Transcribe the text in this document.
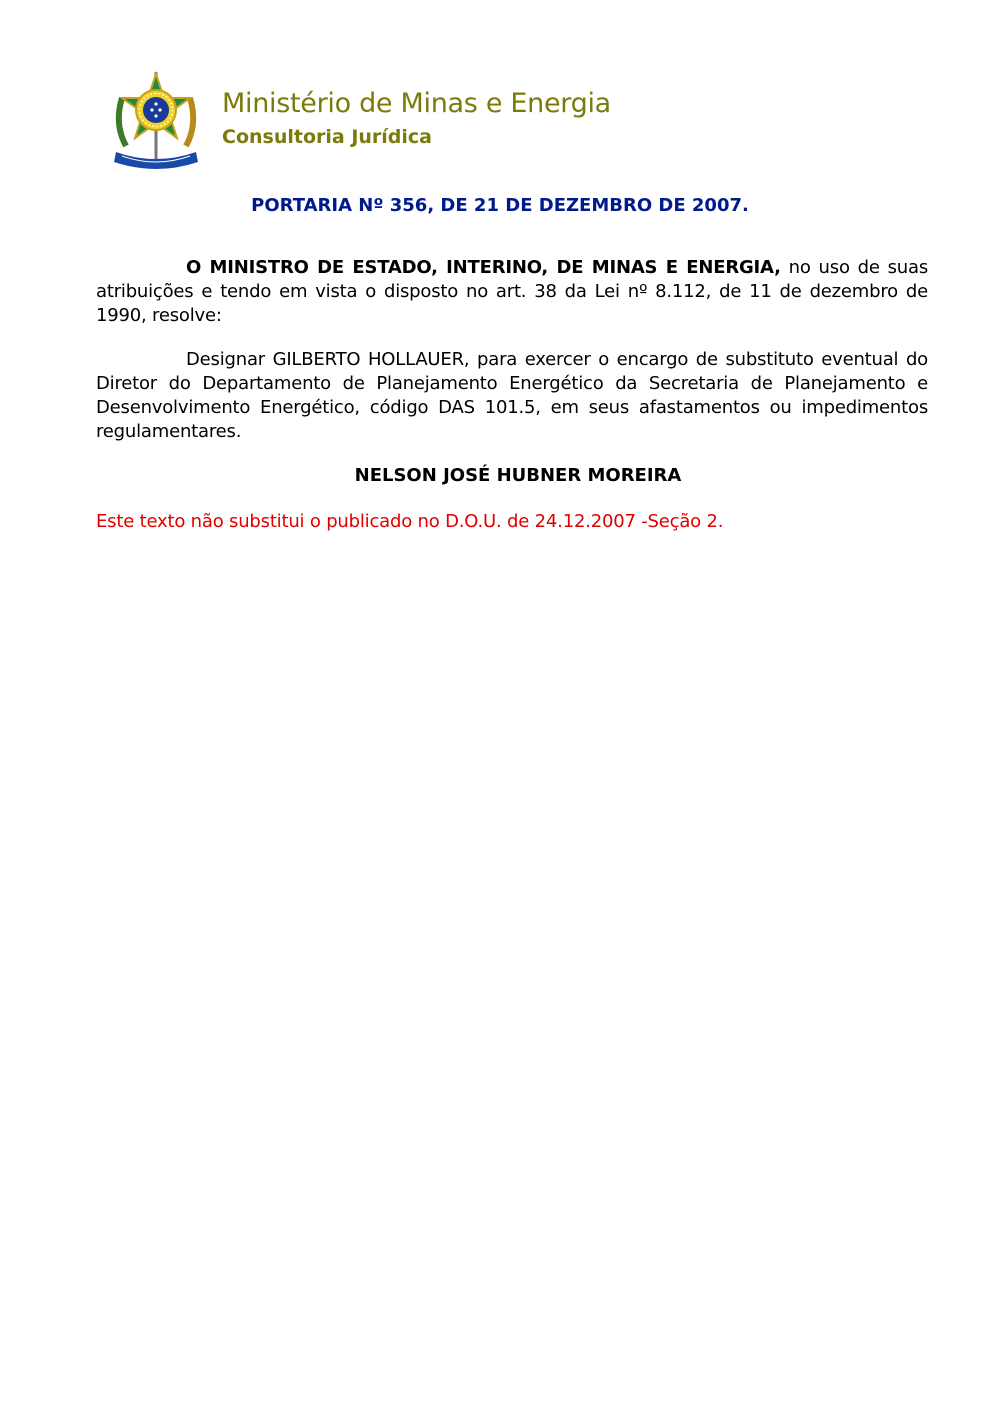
Ministério de Minas e Energia
Consultoria Jurídica
PORTARIA Nº 356, DE 21 DE DEZEMBRO DE 2007.
O MINISTRO DE ESTADO, INTERINO, DE MINAS E ENERGIA, no uso de suas atribuições e tendo em vista o disposto no art. 38 da Lei nº 8.112, de 11 de dezembro de 1990, resolve:
Designar GILBERTO HOLLAUER, para exercer o encargo de substituto eventual do Diretor do Departamento de Planejamento Energético da Secretaria de Planejamento e Desenvolvimento Energético, código DAS 101.5, em seus afastamentos ou impedimentos regulamentares.
NELSON JOSÉ HUBNER MOREIRA
Este texto não substitui o publicado no D.O.U. de 24.12.2007 -Seção 2.
